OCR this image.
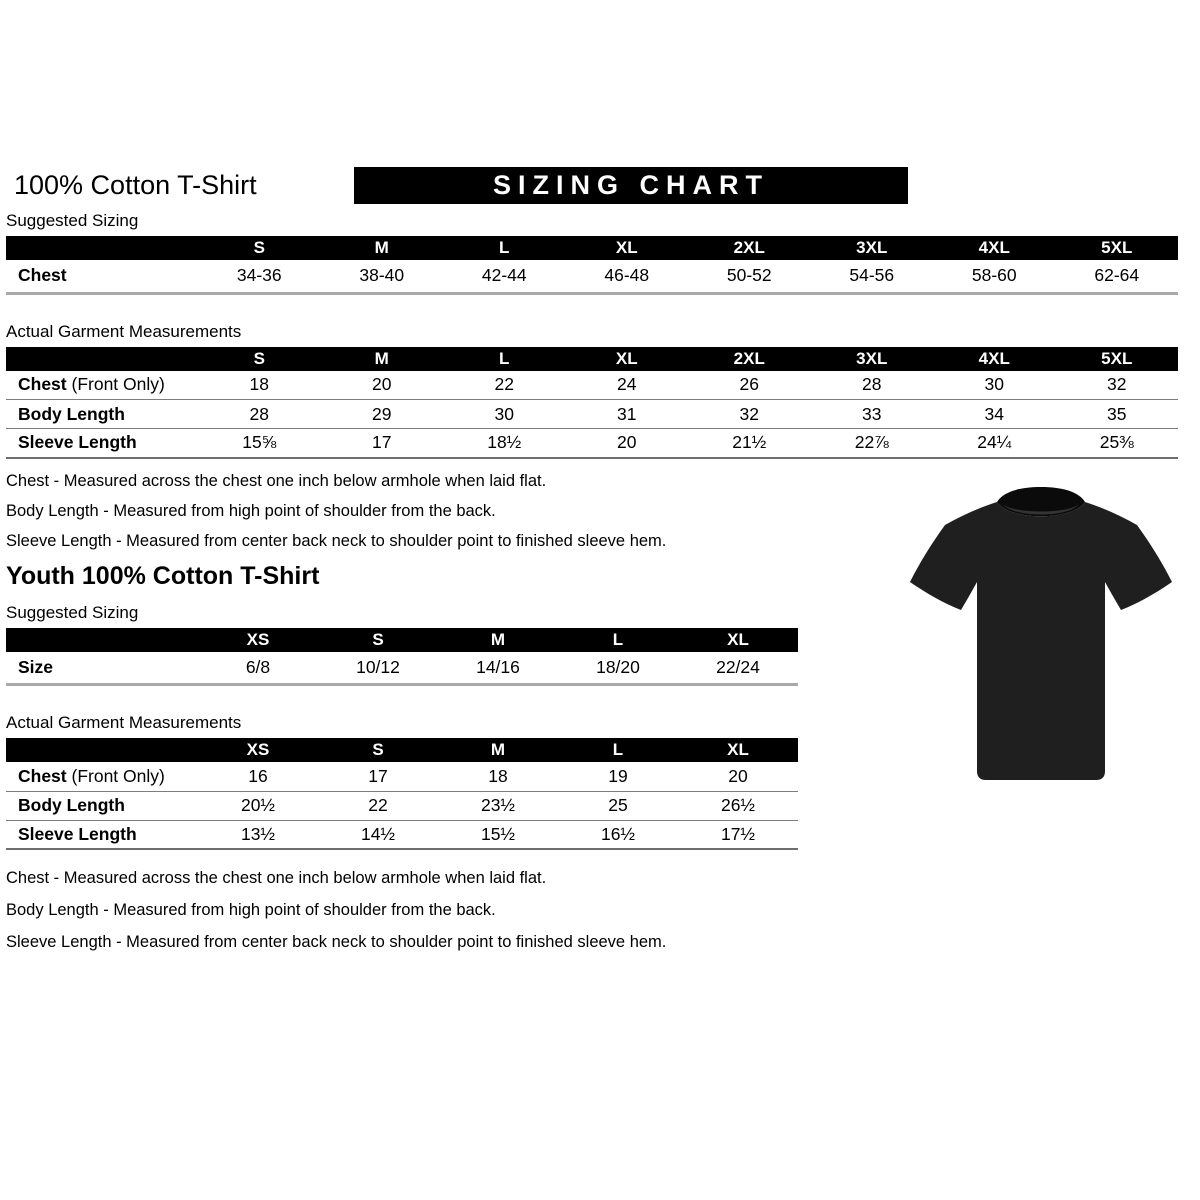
100% Cotton T-Shirt	SIZING CHART
Suggested Sizing
	S	M	L	XL	2XL	3XL	4XL	5XL
Chest	34-36	38-40	42-44	46-48	50-52	54-56	58-60	62-64
Actual Garment Measurements
	S	M	L	XL	2XL	3XL	4XL	5XL
Chest (Front Only)	18	20	22	24	26	28	30	32
Body Length	28	29	30	31	32	33	34	35
Sleeve Length	15⅝	17	18½	20	21½	22⅞	24¼	25⅜

Chest - Measured across the chest one inch below armhole when laid flat.

Body Length - Measured from high point of shoulder from the back.

Sleeve Length - Measured from center back neck to shoulder point to finished sleeve hem.

Youth 100% Cotton T-Shirt
Suggested Sizing
	XS	S	M	L	XL
Size	6/8	10/12	14/16	18/20	22/24
Actual Garment Measurements
	XS	S	M	L	XL
Chest (Front Only)	16	17	18	19	20
Body Length	20½	22	23½	25	26½
Sleeve Length	13½	14½	15½	16½	17½

Chest - Measured across the chest one inch below armhole when laid flat.

Body Length - Measured from high point of shoulder from the back.

Sleeve Length - Measured from center back neck to shoulder point to finished sleeve hem.
